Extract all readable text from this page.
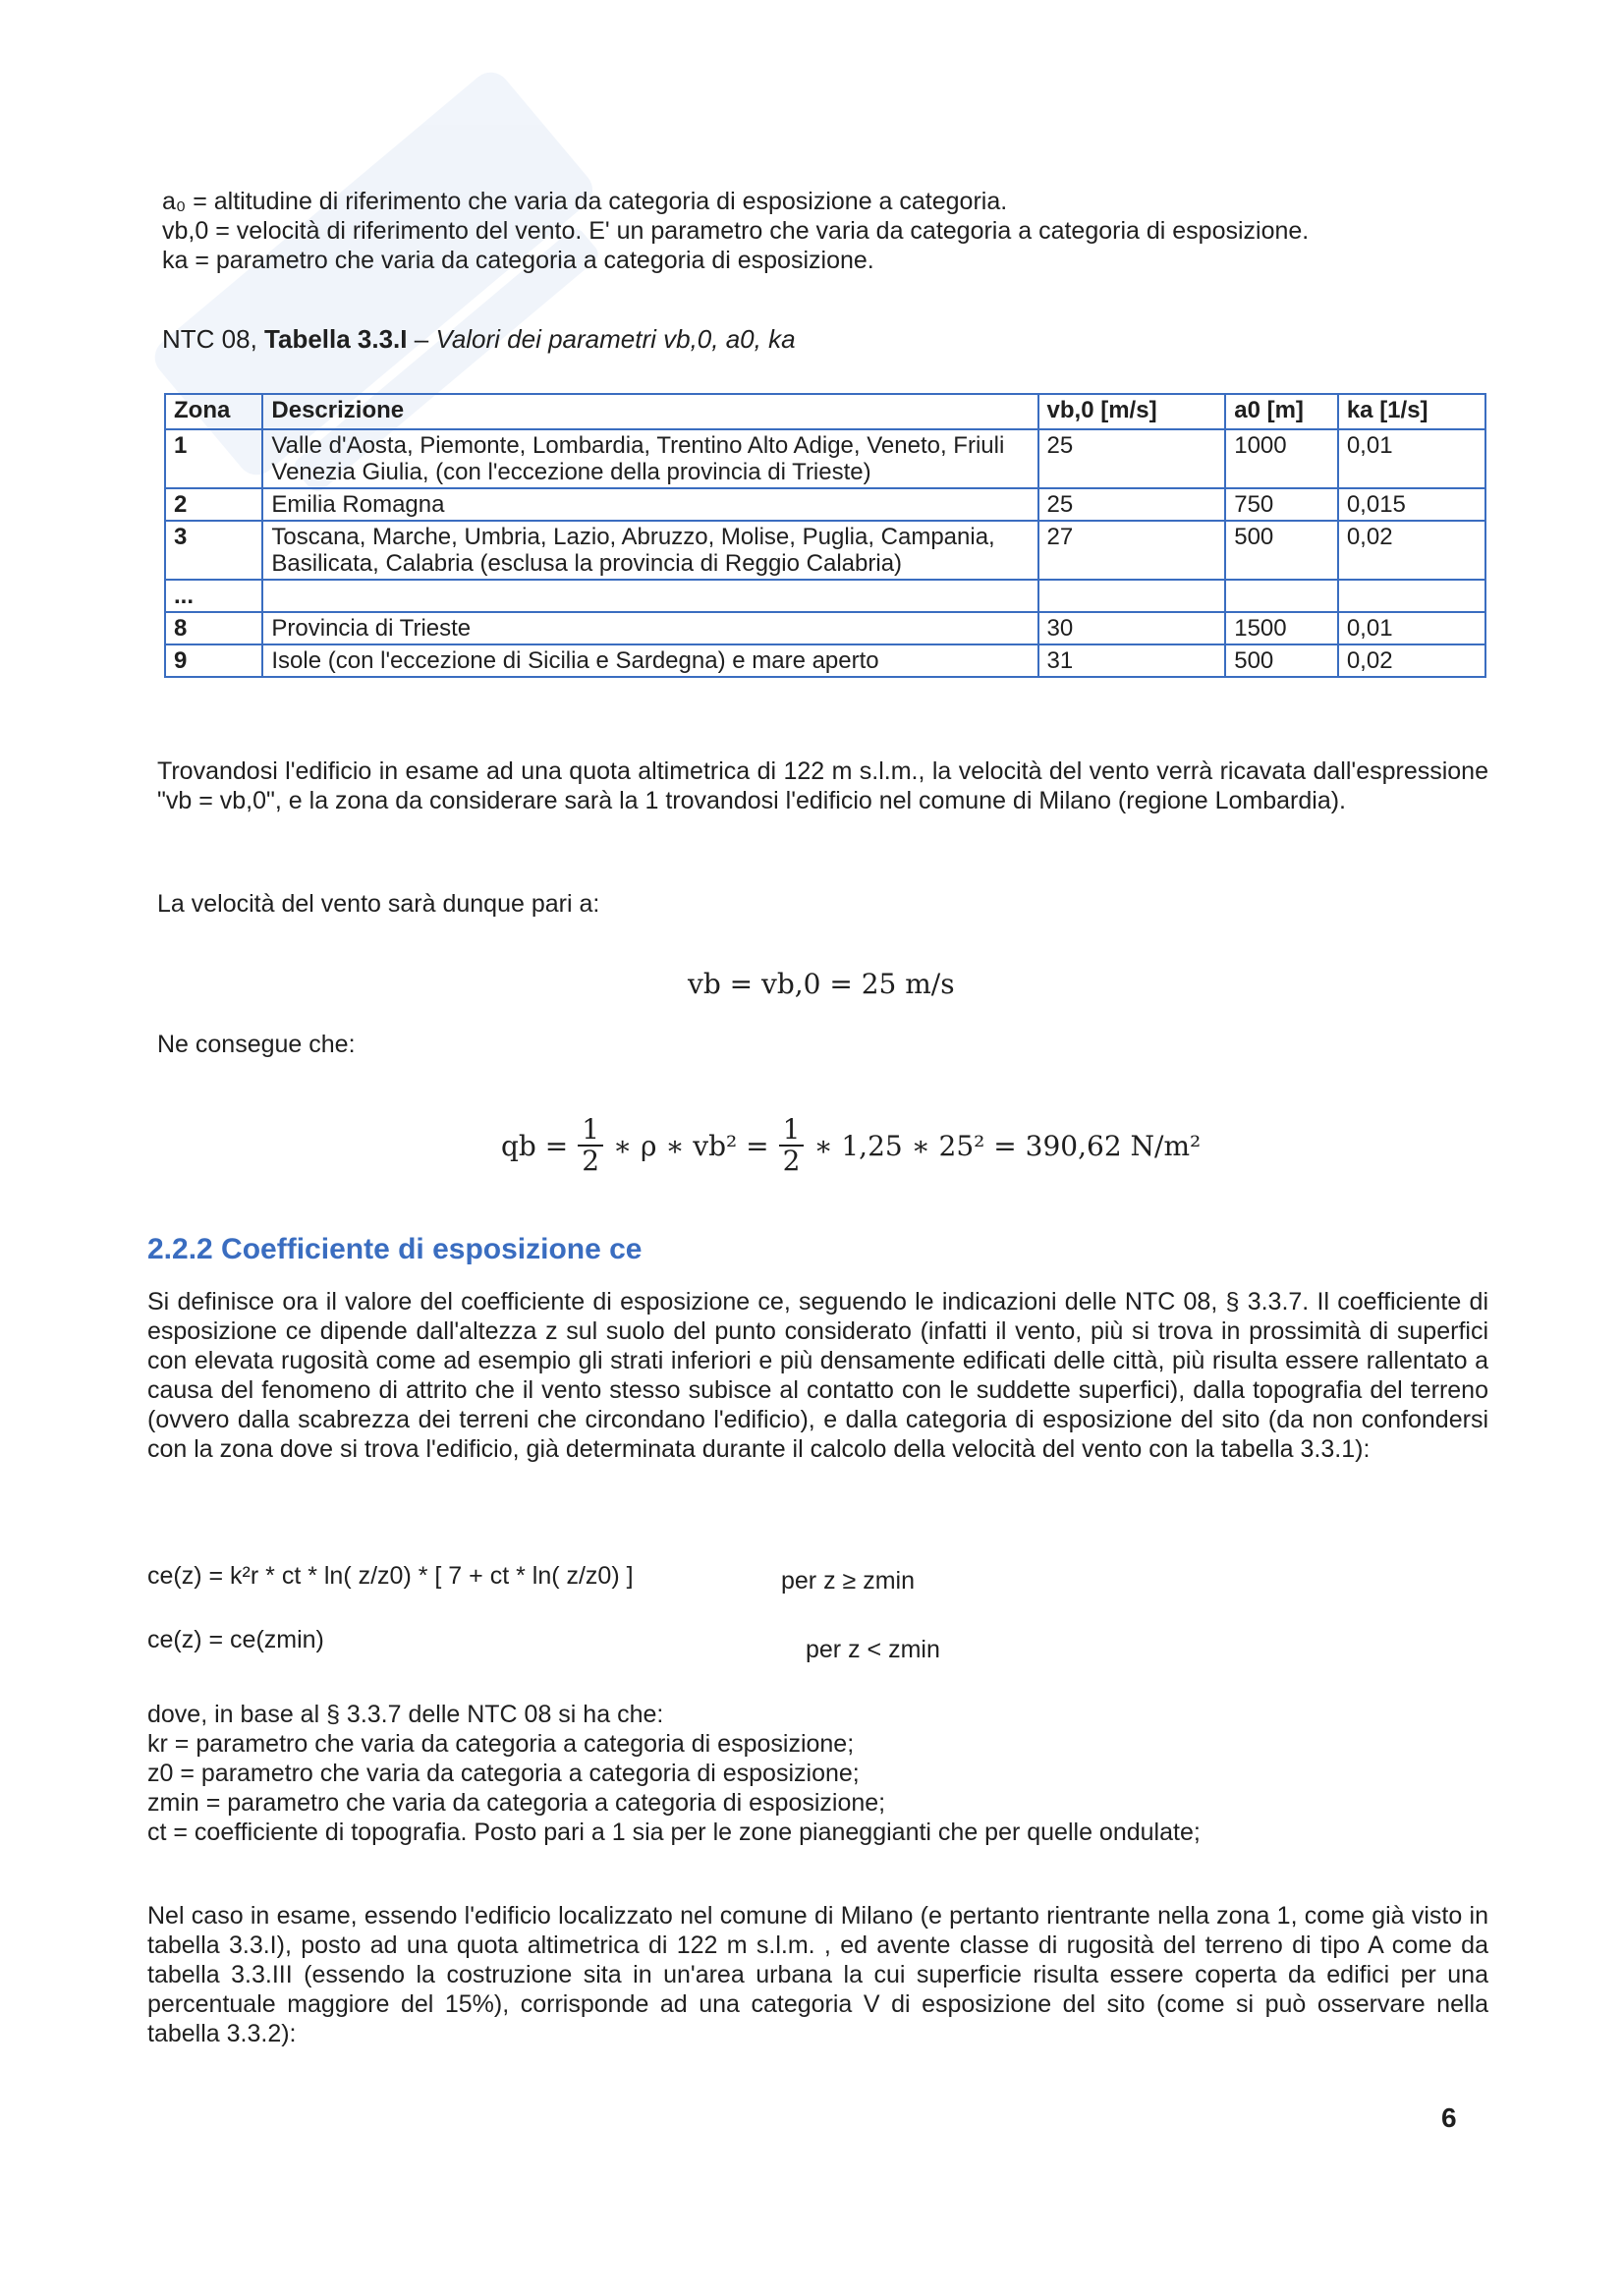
a₀ = altitudine di riferimento che varia da categoria di esposizione a categoria.
vb,0 = velocità di riferimento del vento. E' un parametro che varia da categoria a categoria di esposizione.
ka = parametro che varia da categoria a categoria di esposizione.
NTC 08, Tabella 3.3.I – Valori dei parametri vb,0, a0, ka
Zona	Descrizione	vb,0 [m/s]	a0 [m]	ka [1/s]
1	Valle d'Aosta, Piemonte, Lombardia, Trentino Alto Adige, Veneto, Friuli Venezia Giulia, (con l'eccezione della provincia di Trieste)	25	1000	0,01
2	Emilia Romagna	25	750	0,015
3	Toscana, Marche, Umbria, Lazio, Abruzzo, Molise, Puglia, Campania, Basilicata, Calabria (esclusa la provincia di Reggio Calabria)	27	500	0,02
...				
8	Provincia di Trieste	30	1500	0,01
9	Isole (con l'eccezione di Sicilia e Sardegna) e mare aperto	31	500	0,02

Trovandosi l'edificio in esame ad una quota altimetrica di 122 m s.l.m., la velocità del vento verrà ricavata dall'espressione "vb = vb,0", e la zona da considerare sarà la 1 trovandosi l'edificio nel comune di Milano (regione Lombardia).

La velocità del vento sarà dunque pari a:

vb = vb,0 = 25 m/s

Ne consegue che:

qb = $\frac{1}{2}$ ∗ ρ ∗ $vb^2 = \frac{1}{2}$ ∗ 1,25 ∗ 25² = 390,62 N/m²
2.2.2 Coefficiente di esposizione ce

Si definisce ora il valore del coefficiente di esposizione ce, seguendo le indicazioni delle NTC 08, § 3.3.7. Il coefficiente di esposizione ce dipende dall'altezza z sul suolo del punto considerato (infatti il vento, più si trova in prossimità di superfici con elevata rugosità come ad esempio gli strati inferiori e più densamente edificati delle città, più risulta essere rallentato a causa del fenomeno di attrito che il vento stesso subisce al contatto con le suddette superfici), dalla topografia del terreno (ovvero dalla scabrezza dei terreni che circondano l'edificio), e dalla categoria di esposizione del sito (da non confondersi con la zona dove si trova l'edificio, già determinata durante il calcolo della velocità del vento con la tabella 3.3.1):

ce(z) = k²r * ct * ln( z/z0) * [ 7 + ct * ln( z/z0) ]	per z ≥ zmin
ce(z) = ce(zmin)	per z < zmin
dove, in base al § 3.3.7 delle NTC 08 si ha che:
kr = parametro che varia da categoria a categoria di esposizione;
z0 = parametro che varia da categoria a categoria di esposizione;
zmin = parametro che varia da categoria a categoria di esposizione;
ct = coefficiente di topografia. Posto pari a 1 sia per le zone pianeggianti che per quelle ondulate;

Nel caso in esame, essendo l'edificio localizzato nel comune di Milano (e pertanto rientrante nella zona 1, come già visto in tabella 3.3.I), posto ad una quota altimetrica di 122 m s.l.m. , ed avente classe di rugosità del terreno di tipo A come da tabella 3.3.III (essendo la costruzione sita in un'area urbana la cui superficie risulta essere coperta da edifici per una percentuale maggiore del 15%), corrisponde ad una categoria V di esposizione del sito (come si può osservare nella tabella 3.3.2):

6
